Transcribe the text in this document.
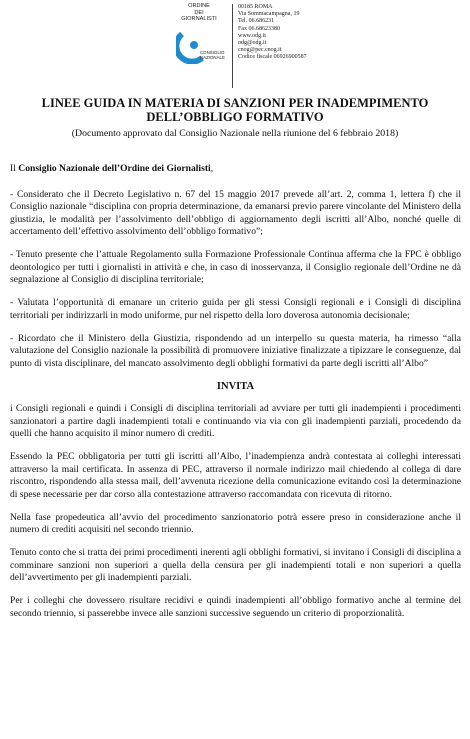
ORDINE
DEI
GIORNALISTI
CONSIGLIO
NAZIONALE
00185 ROMA
Via Sommacampagna, 19
Tel. 06.686231
Fax 06.68623380
www.odg.it
odg@odg.it
cnog@pec.cnog.it
Codice fiscale 06926900587
LINEE GUIDA IN MATERIA DI SANZIONI PER INADEMPIMENTO
DELL’OBBLIGO FORMATIVO
(Documento approvato dal Consiglio Nazionale nella riunione del 6 febbraio 2018)

Il Consiglio Nazionale dell’Ordine dei Giornalisti,

- Considerato che il Decreto Legislativo n. 67 del 15 maggio 2017 prevede all’art. 2, comma 1, lettera f) che il Consiglio nazionale “disciplina con propria determinazione, da emanarsi previo parere vincolante del Ministero della giustizia, le modalità per l’assolvimento dell’obbligo di aggiornamento degli iscritti all’Albo, nonché quelle di accertamento dell’effettivo assolvimento dell’obbligo formativo”;

- Tenuto presente che l’attuale Regolamento sulla Formazione Professionale Continua afferma che la FPC è obbligo deontologico per tutti i giornalisti in attività e che, in caso di inosservanza, il Consiglio regionale dell’Ordine ne dà segnalazione al Consiglio di disciplina territoriale;

- Valutata l’opportunità di emanare un criterio guida per gli stessi Consigli regionali e i Consigli di disciplina territoriali per indirizzarli in modo uniforme, pur nel rispetto della loro doverosa autonomia decisionale;

- Ricordato che il Ministero della Giustizia, rispondendo ad un interpello su questa materia, ha rimesso “alla valutazione del Consiglio nazionale la possibilità di promuovere iniziative finalizzate a tipizzare le conseguenze, dal punto di vista disciplinare, del mancato assolvimento degli obblighi formativi da parte degli iscritti all’Albo”

INVITA

i Consigli regionali e quindi i Consigli di disciplina territoriali ad avviare per tutti gli inadempienti i procedimenti sanzionatori a partire dagli inadempienti totali e continuando via via con gli inadempienti parziali, procedendo da quelli che hanno acquisito il minor numero di crediti.

Essendo la PEC obbligatoria per tutti gli iscritti all’Albo, l’inadempienza andrà contestata ai colleghi interessati attraverso la mail certificata. In assenza di PEC, attraverso il normale indirizzo mail chiedendo al collega di dare riscontro, rispondendo alla stessa mail, dell’avvenuta ricezione della comunicazione evitando così la determinazione di spese necessarie per dar corso alla contestazione attraverso raccomandata con ricevuta di ritorno.

Nella fase propedeutica all’avvio del procedimento sanzionatorio potrà essere preso in considerazione anche il numero di crediti acquisiti nel secondo triennio.

Tenuto conto che si tratta dei primi procedimenti inerenti agli obblighi formativi, si invitano i Consigli di disciplina a comminare sanzioni non superiori a quella della censura per gli inadempienti totali e non superiori a quella dell’avvertimento per gli inadempienti parziali.

Per i colleghi che dovessero risultare recidivi e quindi inadempienti all’obbligo formativo anche al termine del secondo triennio, si passerebbe invece alle sanzioni successive seguendo un criterio di proporzionalità.
